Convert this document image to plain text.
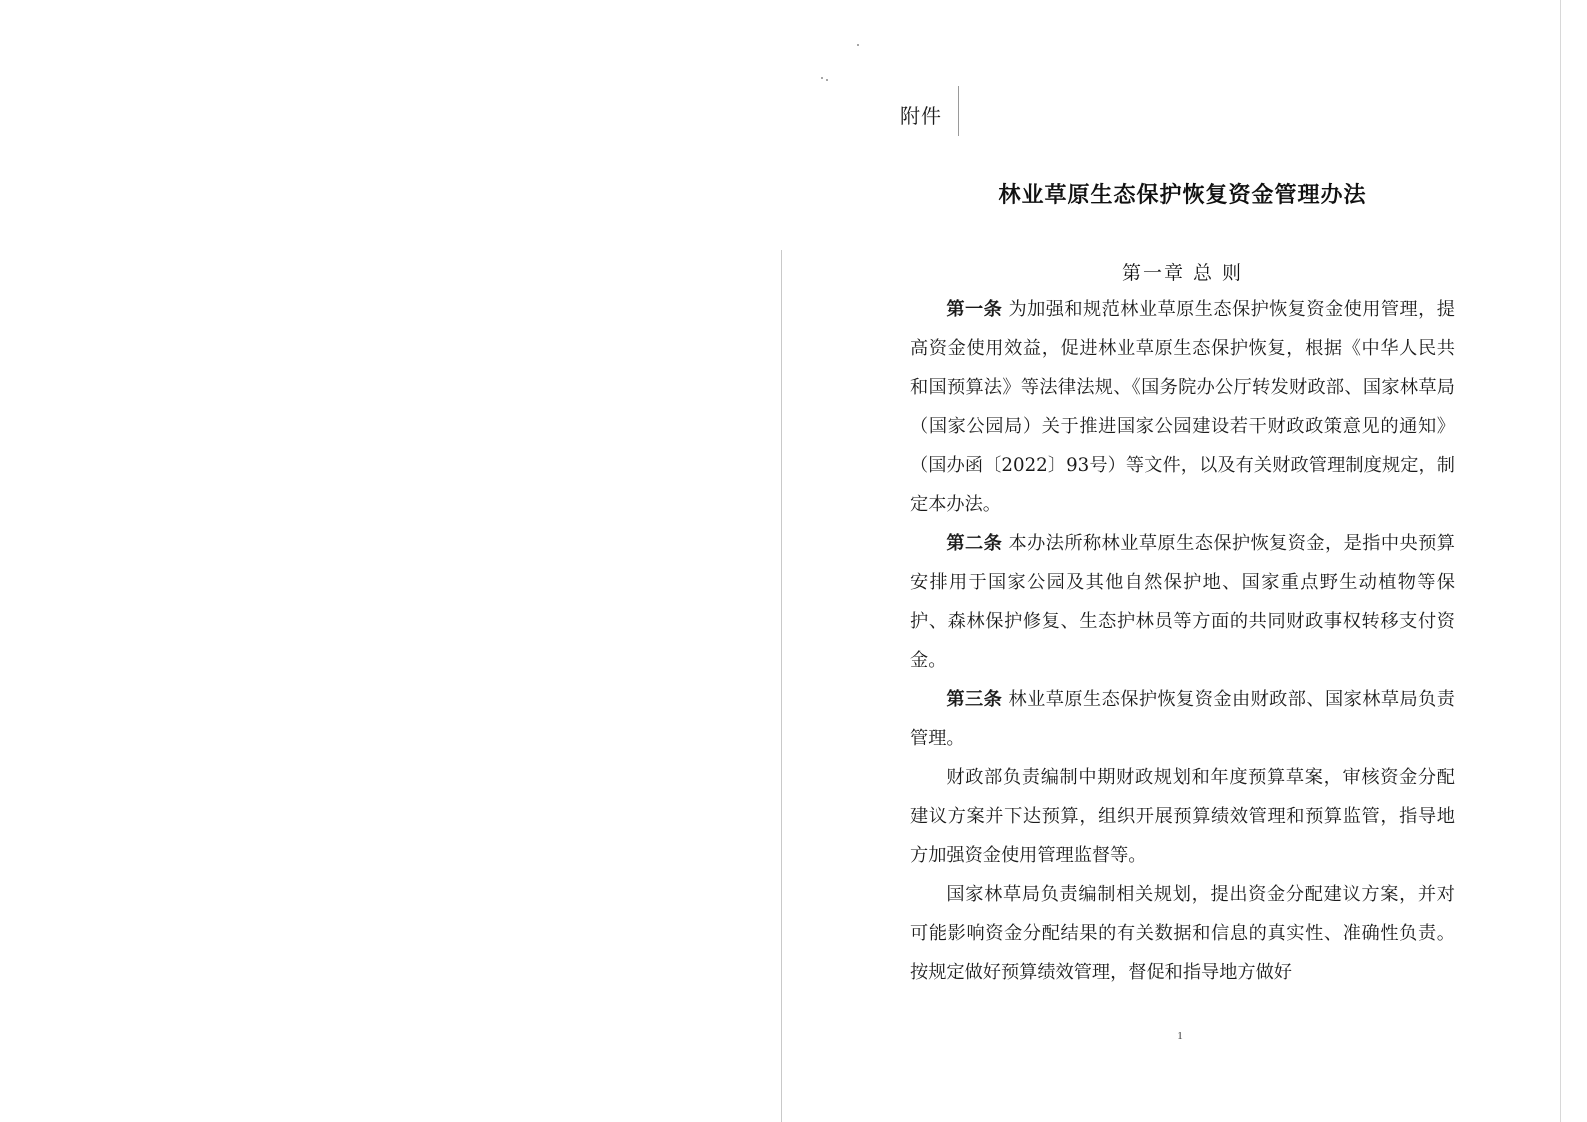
附件
林业草原生态保护恢复资金管理办法
第一章 总 则

第一条 为加强和规范林业草原生态保护恢复资金使用管理，提高资金使用效益，促进林业草原生态保护恢复，根据《中华人民共和国预算法》等法律法规、《国务院办公厅转发财政部、国家林草局（国家公园局）关于推进国家公园建设若干财政政策意见的通知》（国办函〔2022〕93号）等文件，以及有关财政管理制度规定，制定本办法。

第二条 本办法所称林业草原生态保护恢复资金，是指中央预算安排用于国家公园及其他自然保护地、国家重点野生动植物等保护、森林保护修复、生态护林员等方面的共同财政事权转移支付资金。

第三条 林业草原生态保护恢复资金由财政部、国家林草局负责管理。

财政部负责编制中期财政规划和年度预算草案，审核资金分配建议方案并下达预算，组织开展预算绩效管理和预算监管，指导地方加强资金使用管理监督等。

国家林草局负责编制相关规划，提出资金分配建议方案，并对可能影响资金分配结果的有关数据和信息的真实性、准确性负责。按规定做好预算绩效管理，督促和指导地方做好

1
